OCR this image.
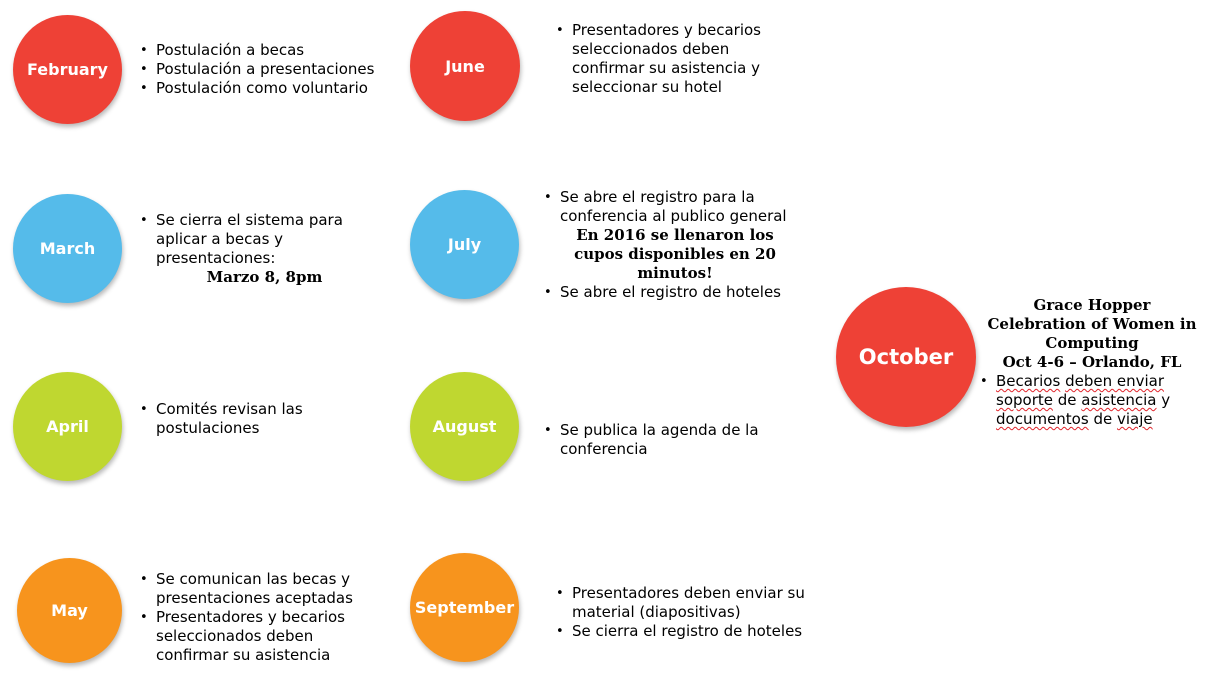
February
March
April
May
June
July
August
September
October
• Postulación a becas
• Postulación a presentaciones
• Postulación como voluntario
• Se cierra el sistema para aplicar a becas y presentaciones:
Marzo 8, 8pm
• Comités revisan las postulaciones
• Se comunican las becas y presentaciones aceptadas
• Presentadores y becarios seleccionados deben confirmar su asistencia
• Presentadores y becarios seleccionados deben confirmar su asistencia y seleccionar su hotel
• Se abre el registro para la conferencia al publico general
En 2016 se llenaron los cupos disponibles en 20 minutos!
• Se abre el registro de hoteles
• Se publica la agenda de la conferencia
• Presentadores deben enviar su material (diapositivas)
• Se cierra el registro de hoteles
Grace Hopper
Celebration of Women in
Computing
Oct 4-6 – Orlando, FL
• Becarios deben enviar soporte de asistencia y documentos de viaje
